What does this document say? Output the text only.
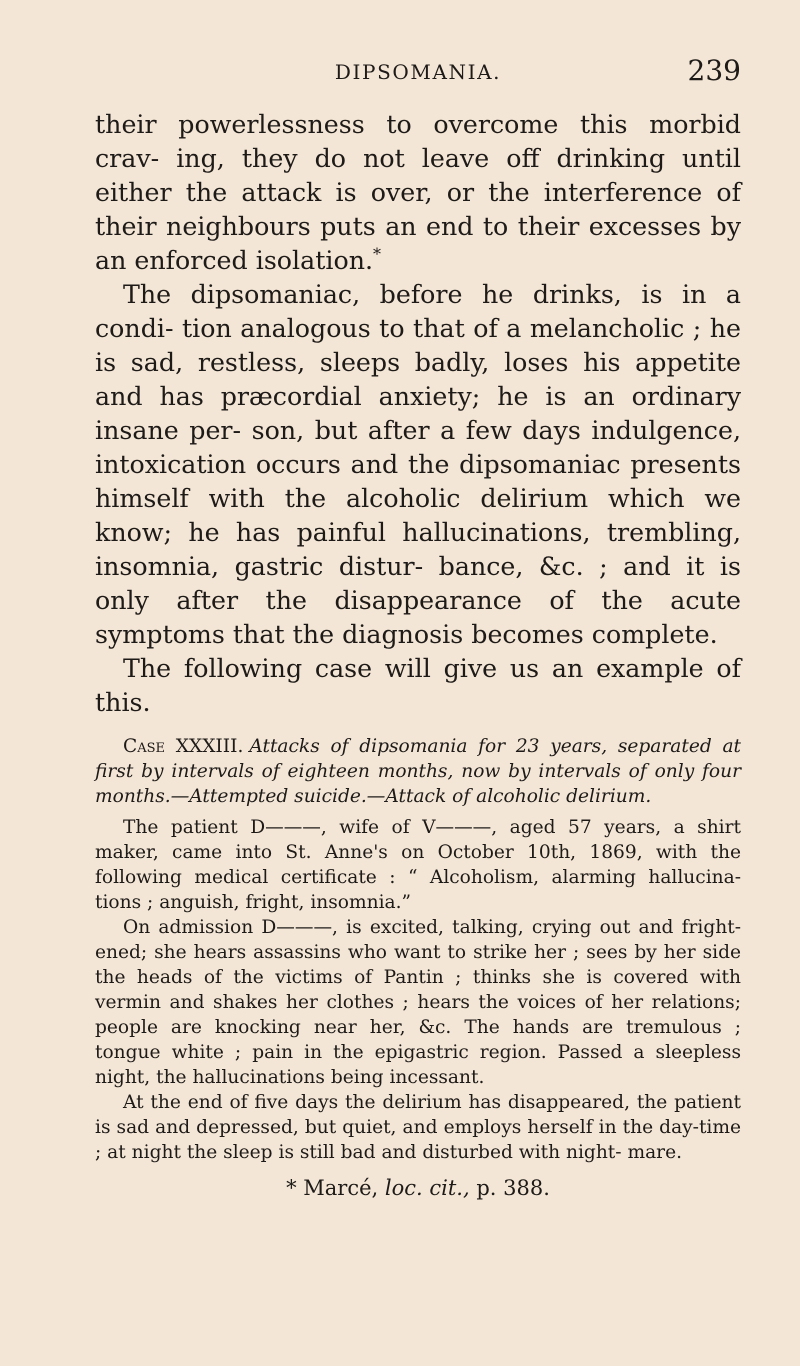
DIPSOMANIA.	239

their powerlessness to overcome this morbid crav- ing, they do not leave off drinking until either the attack is over, or the interference of their neighbours puts an end to their excesses by an enforced isolation.*

The dipsomaniac, before he drinks, is in a condi- tion analogous to that of a melancholic ; he is sad, restless, sleeps badly, loses his appetite and has præcordial anxiety; he is an ordinary insane per- son, but after a few days indulgence, intoxication occurs and the dipsomaniac presents himself with the alcoholic delirium which we know; he has painful hallucinations, trembling, insomnia, gastric distur- bance, &c. ; and it is only after the disappearance of the acute symptoms that the diagnosis becomes complete.

The following case will give us an example of this.

Case XXXIII. Attacks of dipsomania for 23 years, separated at first by intervals of eighteen months, now by intervals of only four months.—Attempted suicide.—Attack of alcoholic delirium.

The patient D———, wife of V———, aged 57 years, a shirt maker, came into St. Anne's on October 10th, 1869, with the following medical certificate : “ Alcoholism, alarming hallucina- tions ; anguish, fright, insomnia.”

On admission D———, is excited, talking, crying out and fright- ened; she hears assassins who want to strike her ; sees by her side the heads of the victims of Pantin ; thinks she is covered with vermin and shakes her clothes ; hears the voices of her relations; people are knocking near her, &c. The hands are tremulous ; tongue white ; pain in the epigastric region. Passed a sleepless night, the hallucinations being incessant.

At the end of five days the delirium has disappeared, the patient is sad and depressed, but quiet, and employs herself in the day-time ; at night the sleep is still bad and disturbed with night- mare.

* Marcé, loc. cit., p. 388.
